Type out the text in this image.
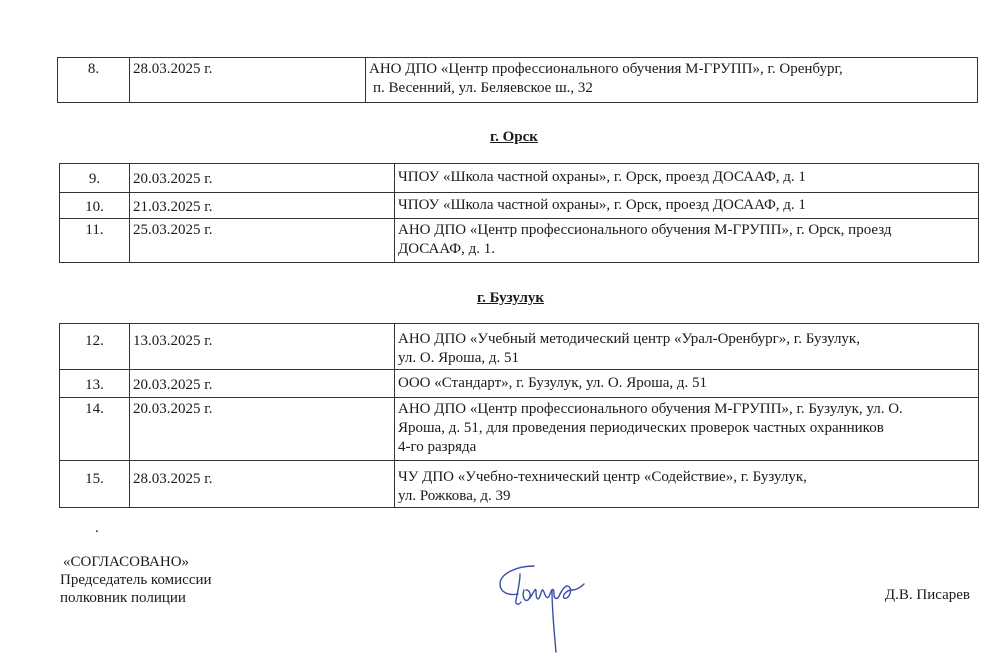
8.	28.03.2025 г.	АНО ДПО «Центр профессионального обучения М-ГРУПП», г. Оренбург,
п. Весенний, ул. Беляевское ш., 32
г. Орск
9.	20.03.2025 г.	ЧПОУ «Школа частной охраны», г. Орск, проезд ДОСААФ, д. 1

10.	21.03.2025 г.	ЧПОУ «Школа частной охраны», г. Орск, проезд ДОСААФ, д. 1

11.	25.03.2025 г.	АНО ДПО «Центр профессионального обучения М-ГРУПП», г. Орск, проезд
ДОСААФ, д. 1.
г. Бузулук
12.	13.03.2025 г.	АНО ДПО «Учебный методический центр «Урал-Оренбург», г. Бузулук,
ул. О. Яроша, д. 51

13.	20.03.2025 г.	ООО «Стандарт», г. Бузулук, ул. О. Яроша, д. 51

14.	20.03.2025 г.	АНО ДПО «Центр профессионального обучения М-ГРУПП», г. Бузулук, ул. О.
Яроша, д. 51, для проведения периодических проверок частных охранников
4-го разряда

15.	28.03.2025 г.	ЧУ ДПО «Учебно-технический центр «Содействие», г. Бузулук,
ул. Рожкова, д. 39
.
«СОГЛАСОВАНО»
Председатель комиссии
полковник полиции	Д.В. Писарев
